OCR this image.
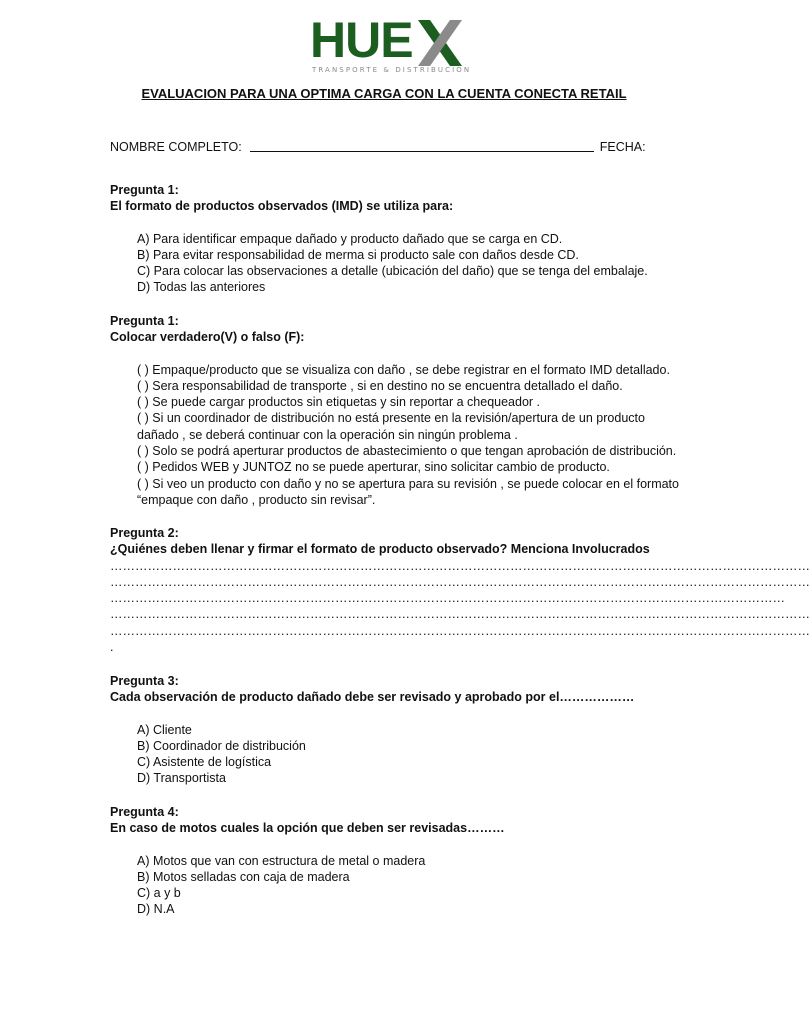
HUE
TRANSPORTE & DISTRIBUCIÓN
EVALUACION PARA UNA OPTIMA CARGA CON LA CUENTA CONECTA RETAIL
NOMBRE COMPLETO:	FECHA:
Pregunta 1:
El formato de productos observados (IMD) se utiliza para:
A) Para identificar empaque dañado y producto dañado que se carga en CD.
B) Para evitar responsabilidad de merma si producto sale con daños desde CD.
C) Para colocar las observaciones a detalle (ubicación del daño) que se tenga del embalaje.
D) Todas las anteriores
Pregunta 1:
Colocar verdadero(V) o falso (F):
( ) Empaque/producto que se visualiza con daño , se debe registrar en el formato IMD detallado.
( ) Sera responsabilidad de transporte , si en destino no se encuentra detallado el daño.
( ) Se puede cargar productos sin etiquetas y sin reportar a chequeador .
( ) Si un coordinador de distribución no está presente en la revisión/apertura de un producto
dañado , se deberá continuar con la operación sin ningún problema .
( ) Solo se podrá aperturar productos de abastecimiento o que tengan aprobación de distribución.
( ) Pedidos WEB y JUNTOZ no se puede aperturar, sino solicitar cambio de producto.
( ) Si veo un producto con daño y no se apertura para su revisión , se puede colocar en el formato
“empaque con daño , producto sin revisar”.
Pregunta 2:
¿Quiénes deben llenar y firmar el formato de producto observado? Menciona Involucrados
……………………………………………………………………………………………………………………………………………………
……………………………………………………………………………………………………………………………………………………
………………………………………………………………………………………………………………………………………………
……………………………………………………………………………………………………………………………………………………
……………………………………………………………………………………………………………………………………………………
.
Pregunta 3:
Cada observación de producto dañado debe ser revisado y aprobado por el………………
A) Cliente
B) Coordinador de distribución
C) Asistente de logística
D) Transportista
Pregunta 4:
En caso de motos cuales la opción que deben ser revisadas………
A) Motos que van con estructura de metal o madera
B) Motos selladas con caja de madera
C) a y b
D) N.A
